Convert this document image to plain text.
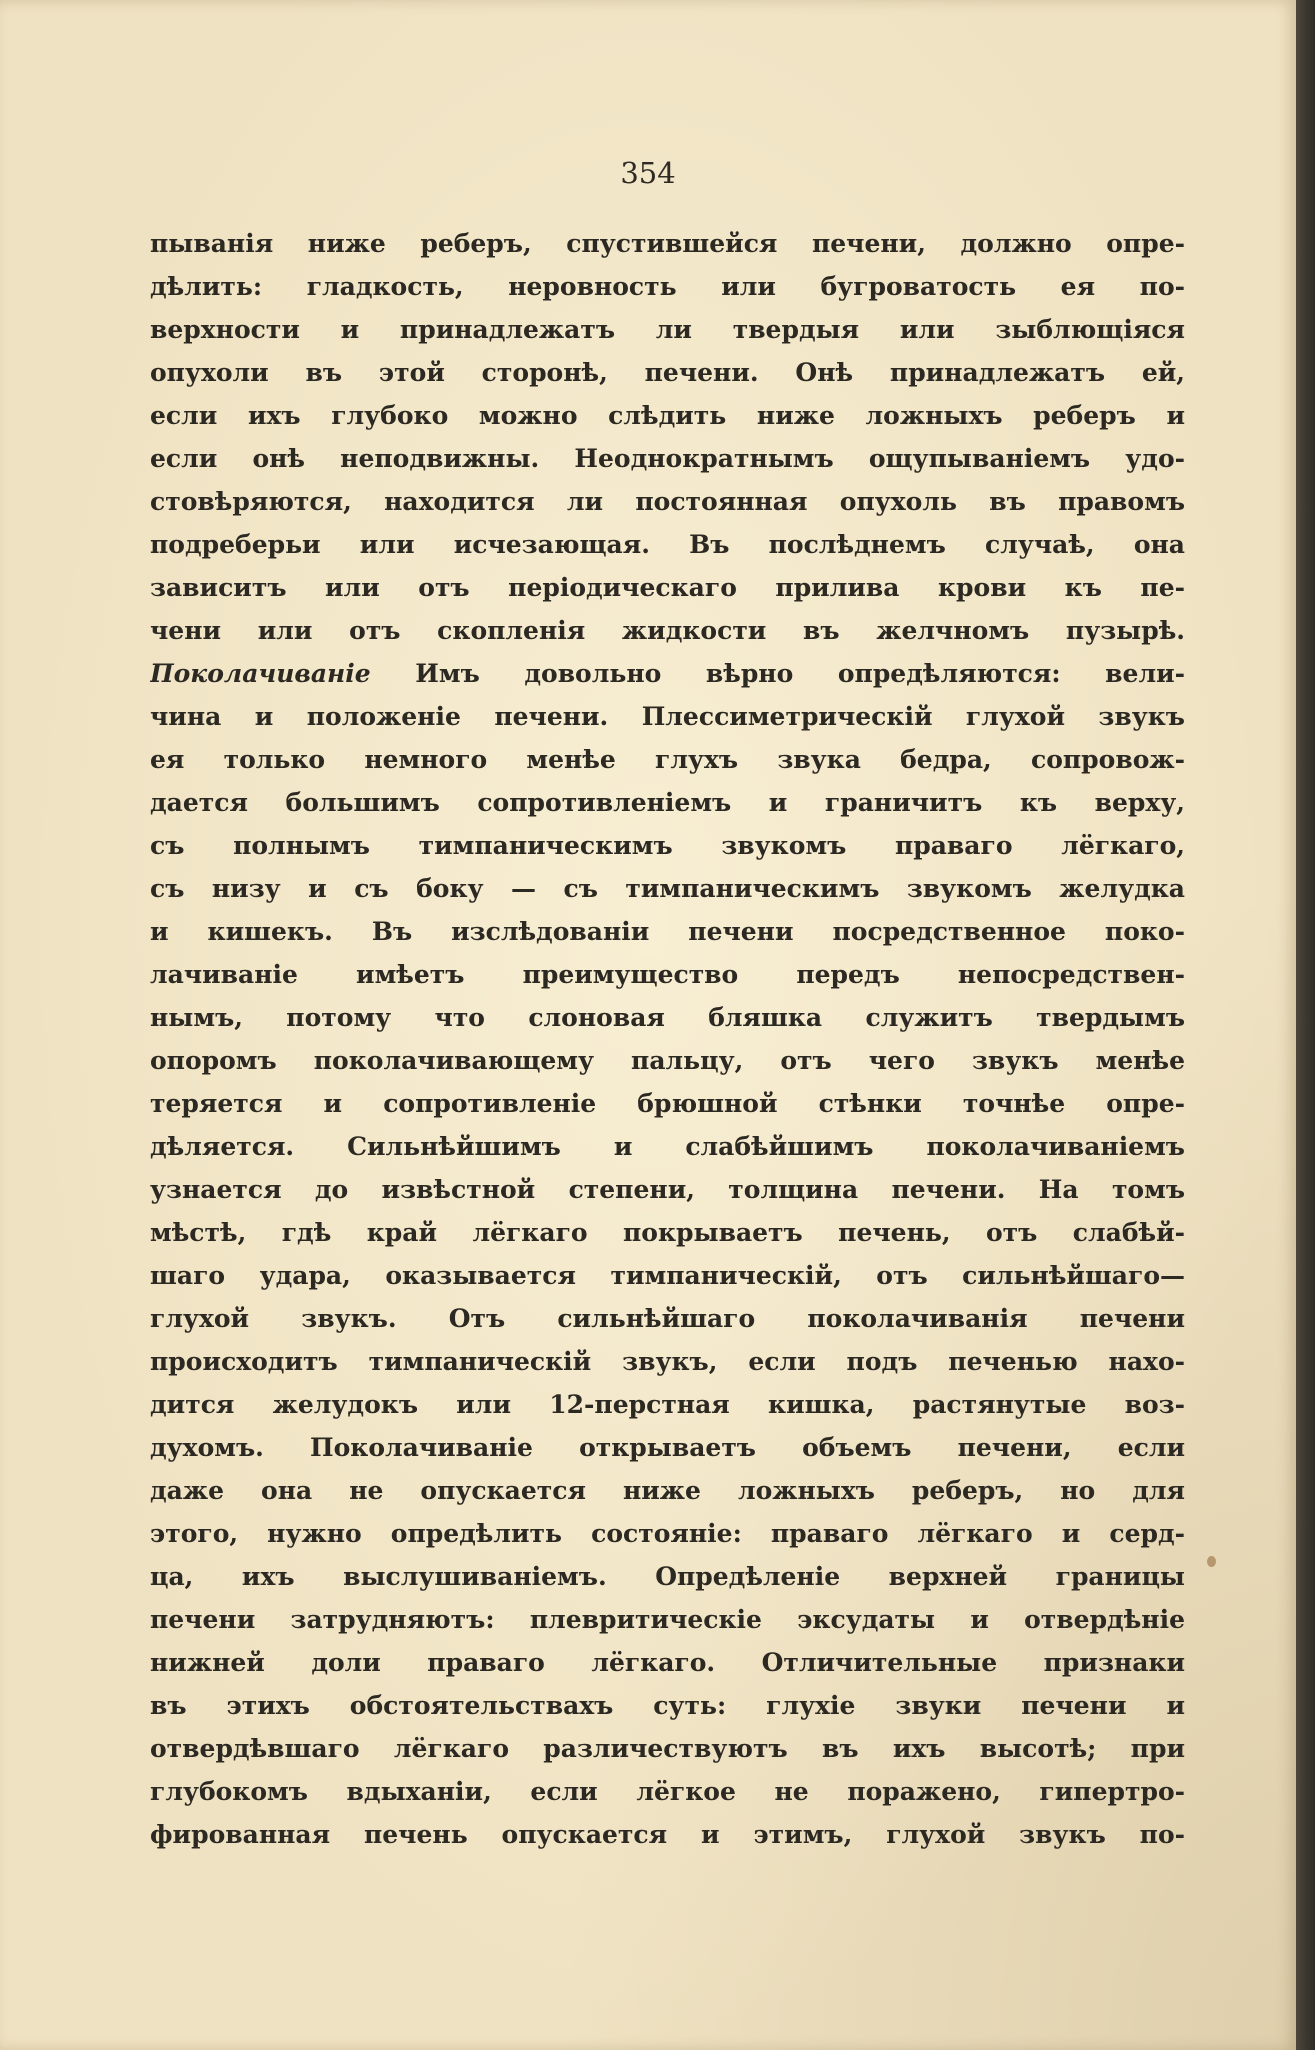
354
пыванія ниже реберъ, спустившейся печени, должно опре-
дѣлить: гладкость, неровность или бугроватость ея по-
верхности и принадлежатъ ли твердыя или зыблющіяся
опухоли въ этой сторонѣ, печени. Онѣ принадлежатъ ей,
если ихъ глубоко можно слѣдить ниже ложныхъ реберъ и
если онѣ неподвижны. Неоднократнымъ ощупываніемъ удо-
стовѣряются, находится ли постоянная опухоль въ правомъ
подреберьи или исчезающая. Въ послѣднемъ случаѣ, она
зависитъ или отъ періодическаго прилива крови къ пе-
чени или отъ скопленія жидкости въ желчномъ пузырѣ.
Поколачиваніе Имъ довольно вѣрно опредѣляются: вели-
чина и положеніе печени. Плессиметрическій глухой звукъ
ея только немного менѣе глухъ звука бедра, сопровож-
дается большимъ сопротивленіемъ и граничитъ къ верху,
съ полнымъ тимпаническимъ звукомъ праваго лёгкаго,
съ низу и съ боку — съ тимпаническимъ звукомъ желудка
и кишекъ. Въ изслѣдованіи печени посредственное поко-
лачиваніе имѣетъ преимущество передъ непосредствен-
нымъ, потому что слоновая бляшка служитъ твердымъ
опоромъ поколачивающему пальцу, отъ чего звукъ менѣе
теряется и сопротивленіе брюшной стѣнки точнѣе опре-
дѣляется. Сильнѣйшимъ и слабѣйшимъ поколачиваніемъ
узнается до извѣстной степени, толщина печени. На томъ
мѣстѣ, гдѣ край лёгкаго покрываетъ печень, отъ слабѣй-
шаго удара, оказывается тимпаническій, отъ сильнѣйшаго—
глухой звукъ. Отъ сильнѣйшаго поколачиванія печени
происходитъ тимпаническій звукъ, если подъ печенью нахо-
дится желудокъ или 12-перстная кишка, растянутые воз-
духомъ. Поколачиваніе открываетъ объемъ печени, если
даже она не опускается ниже ложныхъ реберъ, но для
этого, нужно опредѣлить состояніе: праваго лёгкаго и серд-
ца, ихъ выслушиваніемъ. Опредѣленіе верхней границы
печени затрудняютъ: плевритическіе эксудаты и отвердѣніе
нижней доли праваго лёгкаго. Отличительные признаки
въ этихъ обстоятельствахъ суть: глухіе звуки печени и
отвердѣвшаго лёгкаго различествуютъ въ ихъ высотѣ; при
глубокомъ вдыханіи, если лёгкое не поражено, гипертро-
фированная печень опускается и этимъ, глухой звукъ по-
